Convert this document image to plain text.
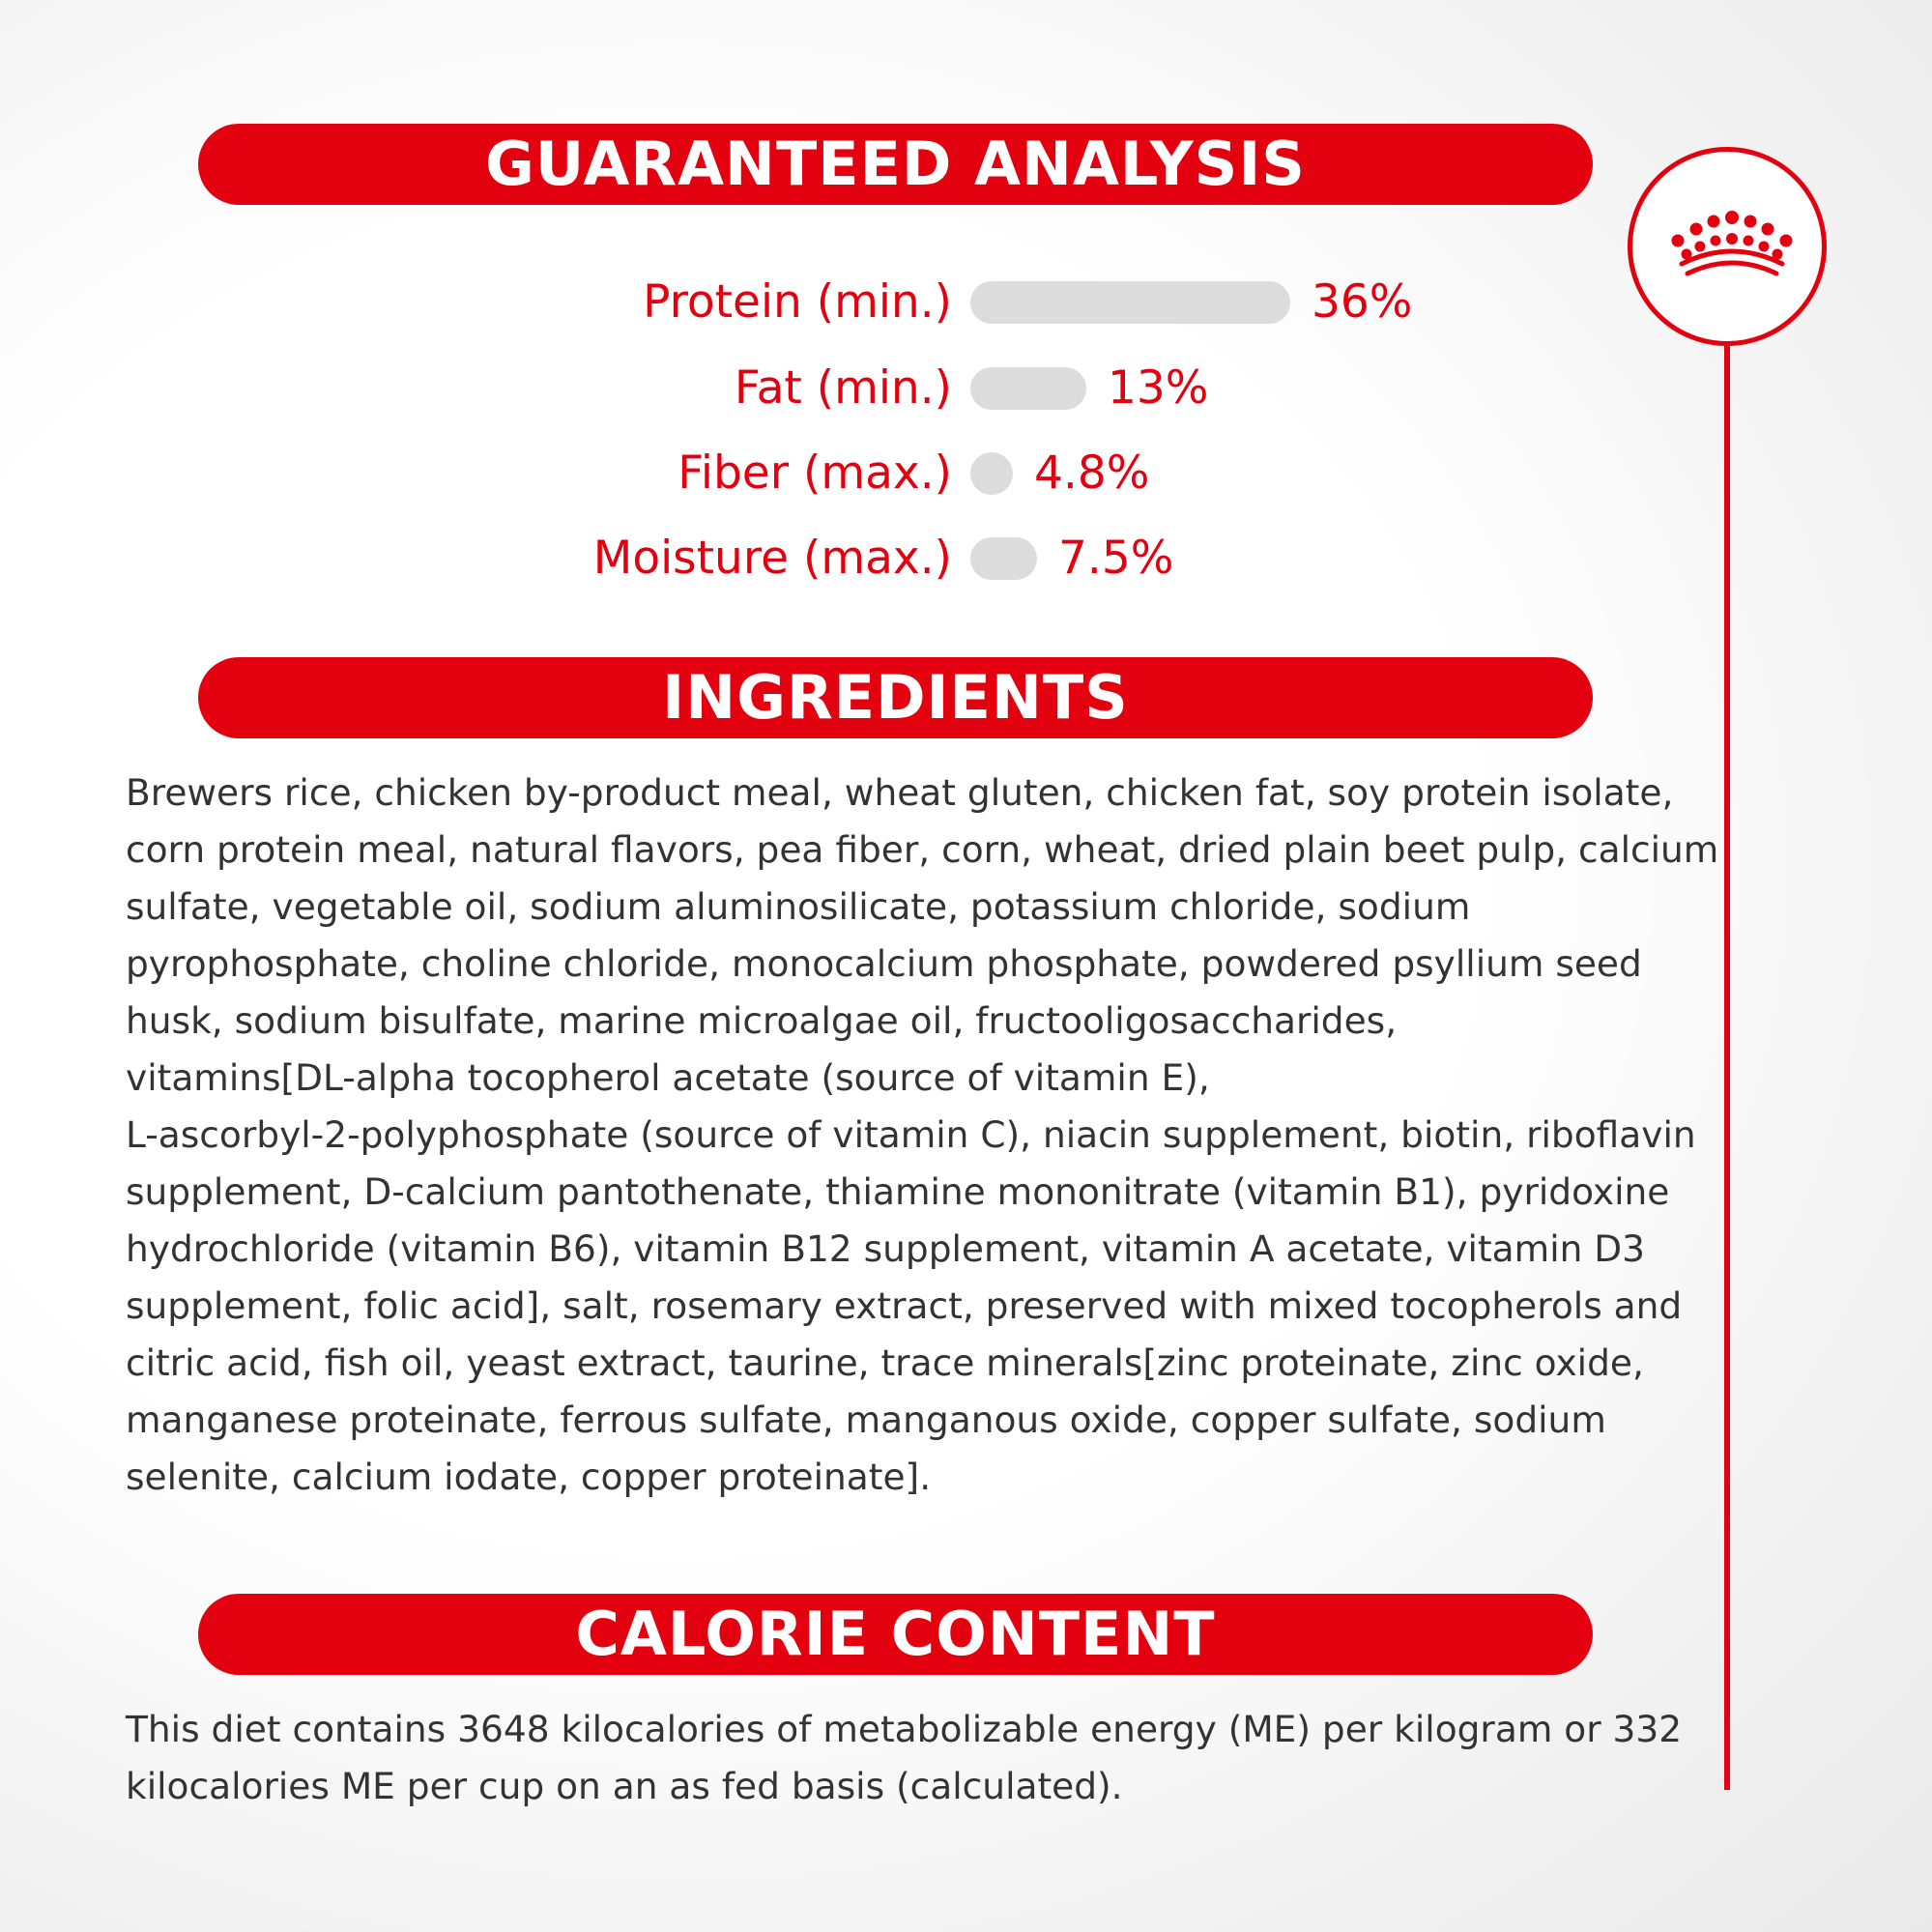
GUARANTEED ANALYSIS
Protein (min.)	36%
Fat (min.)	13%
Fiber (max.) 4.8%
Moisture (max.) 7.5%
INGREDIENTS
Brewers rice, chicken by-product meal, wheat gluten, chicken fat, soy protein isolate,
corn protein meal, natural flavors, pea fiber, corn, wheat, dried plain beet pulp, calcium
sulfate, vegetable oil, sodium aluminosilicate, potassium chloride, sodium
pyrophosphate, choline chloride, monocalcium phosphate, powdered psyllium seed
husk, sodium bisulfate, marine microalgae oil, fructooligosaccharides,
vitamins[DL-alpha tocopherol acetate (source of vitamin E),
L-ascorbyl-2-polyphosphate (source of vitamin C), niacin supplement, biotin, riboflavin
supplement, D-calcium pantothenate, thiamine mononitrate (vitamin B1), pyridoxine
hydrochloride (vitamin B6), vitamin B12 supplement, vitamin A acetate, vitamin D3
supplement, folic acid], salt, rosemary extract, preserved with mixed tocopherols and
citric acid, fish oil, yeast extract, taurine, trace minerals[zinc proteinate, zinc oxide,
manganese proteinate, ferrous sulfate, manganous oxide, copper sulfate, sodium
selenite, calcium iodate, copper proteinate].
CALORIE CONTENT
This diet contains 3648 kilocalories of metabolizable energy (ME) per kilogram or 332
kilocalories ME per cup on an as fed basis (calculated).
